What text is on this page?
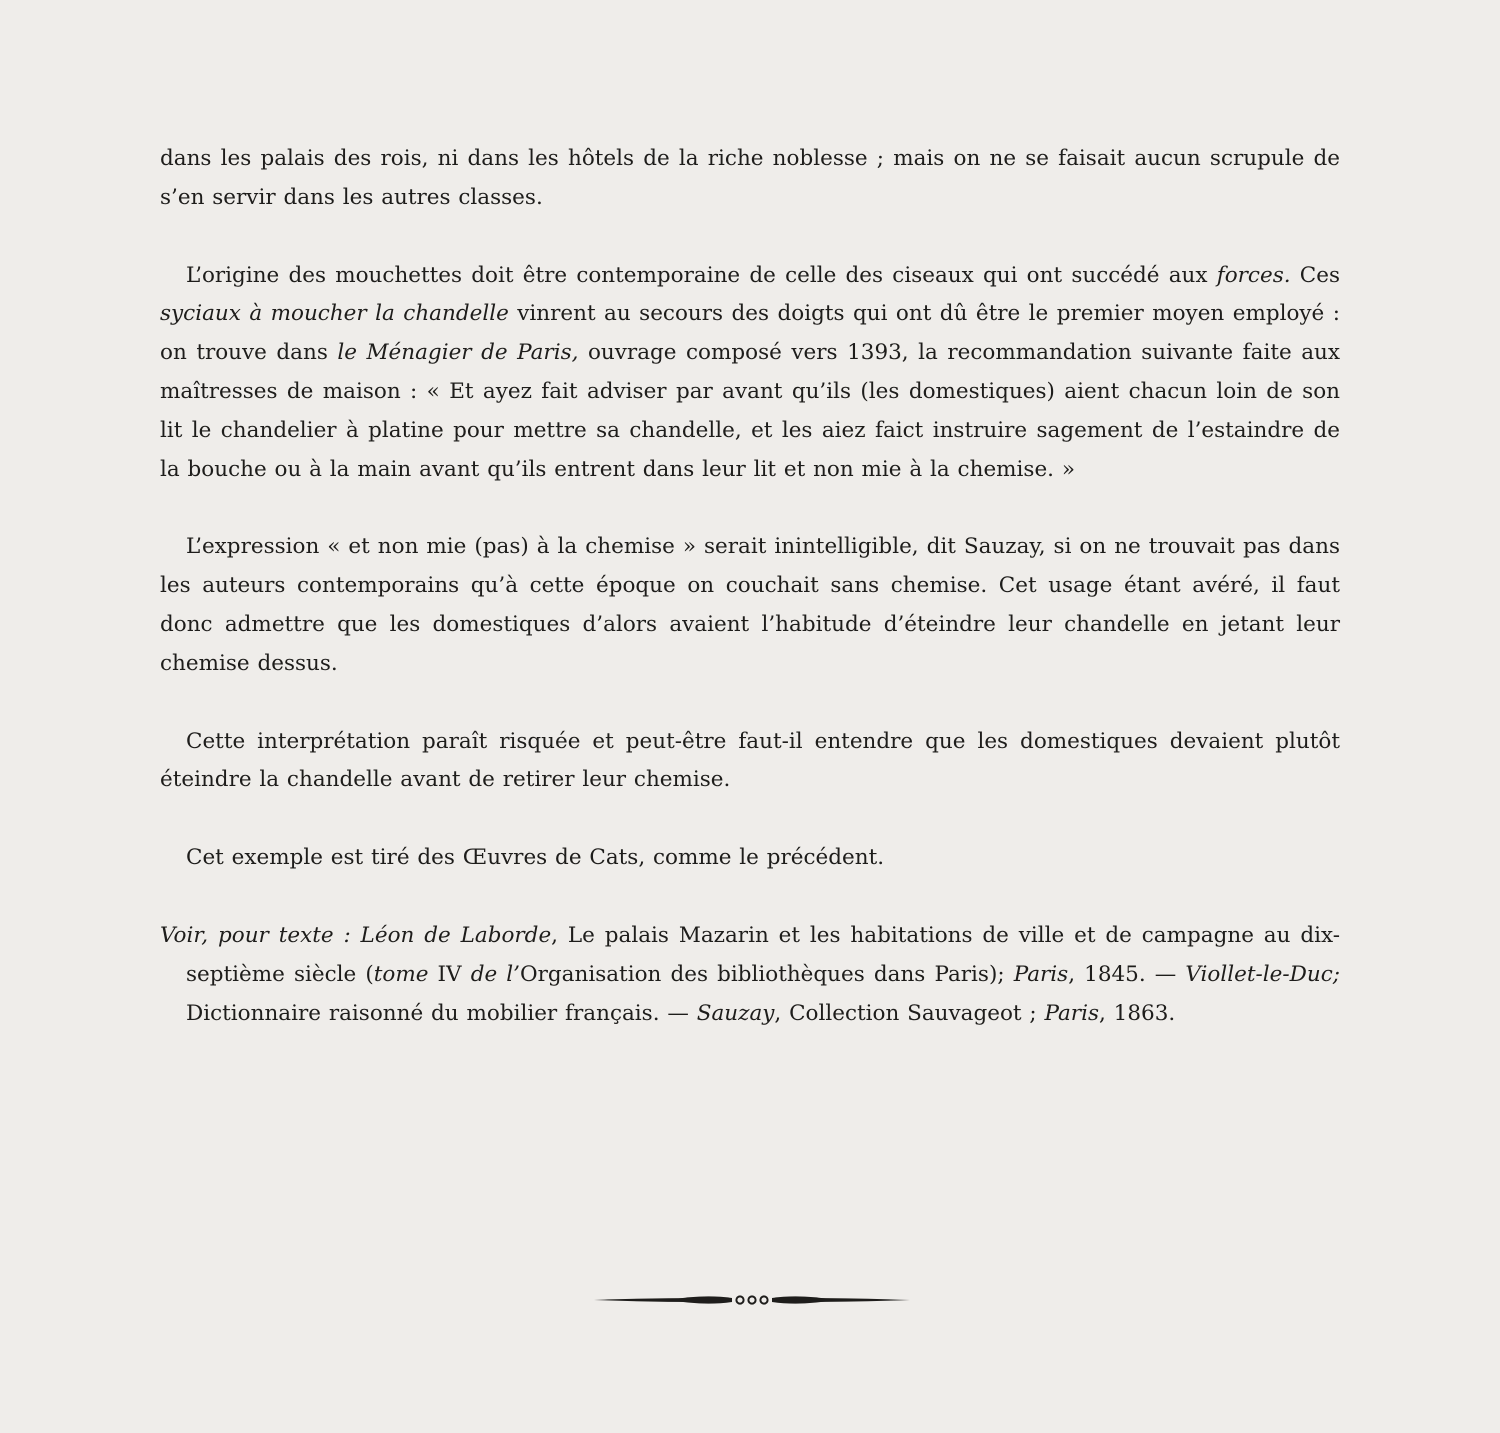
dans les palais des rois, ni dans les hôtels de la riche noblesse ; mais on ne se faisait aucun scrupule de s’en servir dans les autres classes.

L’origine des mouchettes doit être contemporaine de celle des ciseaux qui ont succédé aux forces. Ces syciaux à moucher la chandelle vinrent au secours des doigts qui ont dû être le premier moyen employé : on trouve dans le Ménagier de Paris, ouvrage composé vers 1393, la recommandation suivante faite aux maîtresses de maison : « Et ayez fait adviser par avant qu’ils (les domestiques) aient chacun loin de son lit le chandelier à platine pour mettre sa chandelle, et les aiez faict instruire sagement de l’estaindre de la bouche ou à la main avant qu’ils entrent dans leur lit et non mie à la chemise. »

L’expression « et non mie (pas) à la chemise » serait inintelligible, dit Sauzay, si on ne trouvait pas dans les auteurs contemporains qu’à cette époque on couchait sans chemise. Cet usage étant avéré, il faut donc admettre que les domestiques d’alors avaient l’habitude d’éteindre leur chandelle en jetant leur chemise dessus.

Cette interprétation paraît risquée et peut-être faut-il entendre que les domestiques devaient plutôt éteindre la chandelle avant de retirer leur chemise.

Cet exemple est tiré des Œuvres de Cats, comme le précédent.

Voir, pour texte : Léon de Laborde, Le palais Mazarin et les habitations de ville et de campagne au dix-septième siècle (tome IV de l’Organisation des bibliothèques dans Paris); Paris, 1845. — Viollet-le-Duc; Dictionnaire raisonné du mobilier français. — Sauzay, Collection Sauvageot ; Paris, 1863.
